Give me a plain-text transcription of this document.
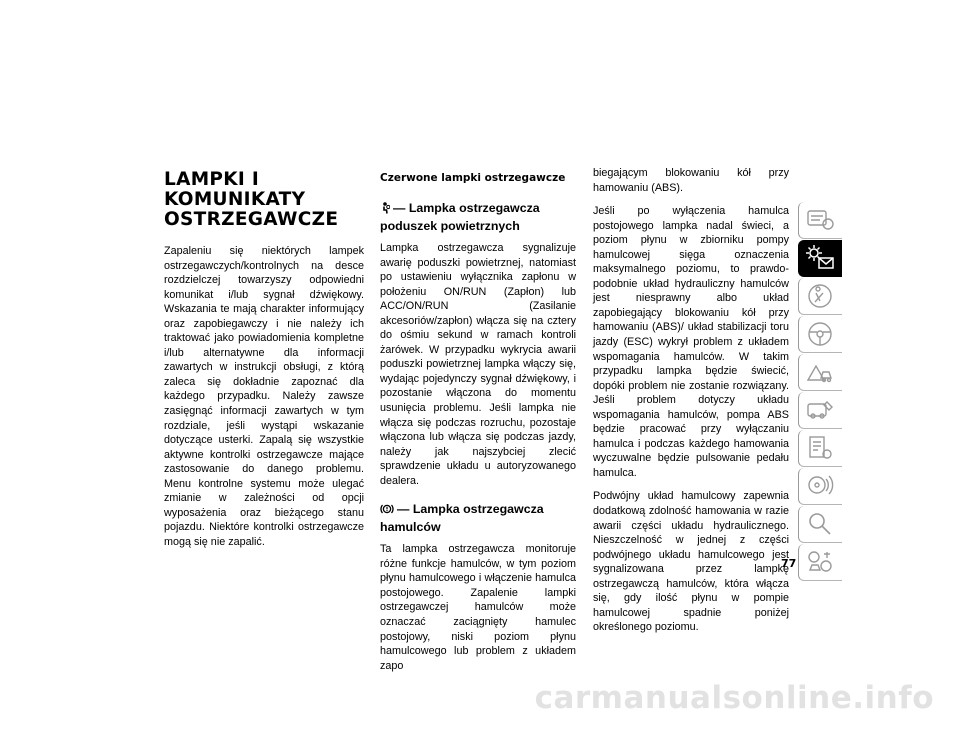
LAMPKI I KOMUNIKATY
OSTRZEGAWCZE

Zapaleniu się niektórych lampek ostrzegawczych/kontrolnych na desce rozdzielczej towarzyszy odpowiedni komunikat i/lub sygnał dźwiękowy. Wskazania te mają charakter informujący oraz zapobiegawczy i nie należy ich traktować jako powiadomienia kompletne i/lub alternatywne dla informacji zawartych w instrukcji obsługi, z którą zaleca się dokładnie zapoznać dla każdego przypadku. Należy zawsze zasięgnąć informacji zawartych w tym rozdziale, jeśli wystąpi wskazanie dotyczące usterki. Zapalą się wszystkie aktywne kontrolki ostrzegawcze mające zastosowanie do danego problemu. Menu kontrolne systemu może ulegać zmianie w zależności od opcji wyposażenia oraz bieżącego stanu pojazdu. Niektóre kontrolki ostrzegawcze mogą się nie zapalić.

Czerwone lampki ostrzegawcze
— Lampka ostrzegawcza poduszek powietrznych

Lampka ostrzegawcza sygnalizuje awarię poduszki powietrznej, natomiast po ustawieniu wyłącznika zapłonu w położeniu ON/RUN (Zapłon) lub ACC/ON/RUN (Zasilanie akcesoriów/zapłon) włącza się na cztery do ośmiu sekund w ramach kontroli żarówek. W przypadku wykrycia awarii poduszki powietrznej lampka włączy się, wydając pojedynczy sygnał dźwiękowy, i pozostanie włączona do momentu usunięcia problemu. Jeśli lampka nie włącza się podczas rozruchu, pozostaje włączona lub włącza się podczas jazdy, należy jak najszybciej zlecić sprawdzenie układu u autoryzowanego dealera.

— Lampka ostrzegawcza hamulców

Ta lampka ostrzegawcza monitoruje różne funkcje hamulców, w tym poziom płynu hamulcowego i włączenie hamulca postojowego. Zapalenie lampki ostrzegawczej hamulców może oznaczać zaciągnięty hamulec postojowy, niski poziom płynu hamulcowego lub problem z układem zapo

biegającym blokowaniu kół przy hamowaniu (ABS).

Jeśli po wyłączenia hamulca postojowego lampka nadal świeci, a poziom płynu w zbiorniku pompy hamulcowej sięga oznaczenia maksymalnego poziomu, to prawdopodobnie układ hydrauliczny hamulców jest niesprawny albo układ zapobiegający blokowaniu kół przy hamowaniu (ABS)/ układ stabilizacji toru jazdy (ESC) wykrył problem z układem wspomagania hamulców. W takim przypadku lampka będzie świecić, dopóki problem nie zostanie rozwiązany. Jeśli problem dotyczy układu wspomagania hamulców, pompa ABS będzie pracować przy wyłączaniu hamulca i podczas każdego hamowania wyczuwalne będzie pulsowanie pedału hamulca.

Podwójny układ hamulcowy zapewnia dodatkową zdolność hamowania w razie awarii części układu hydraulicznego. Nieszczelność w jednej z części podwójnego układu hamulcowego jest sygnalizowana przez lampkę ostrzegawczą hamulców, która włącza się, gdy ilość płynu w pompie hamulcowej spadnie poniżej określonego poziomu.

77
carmanualsonline.info
